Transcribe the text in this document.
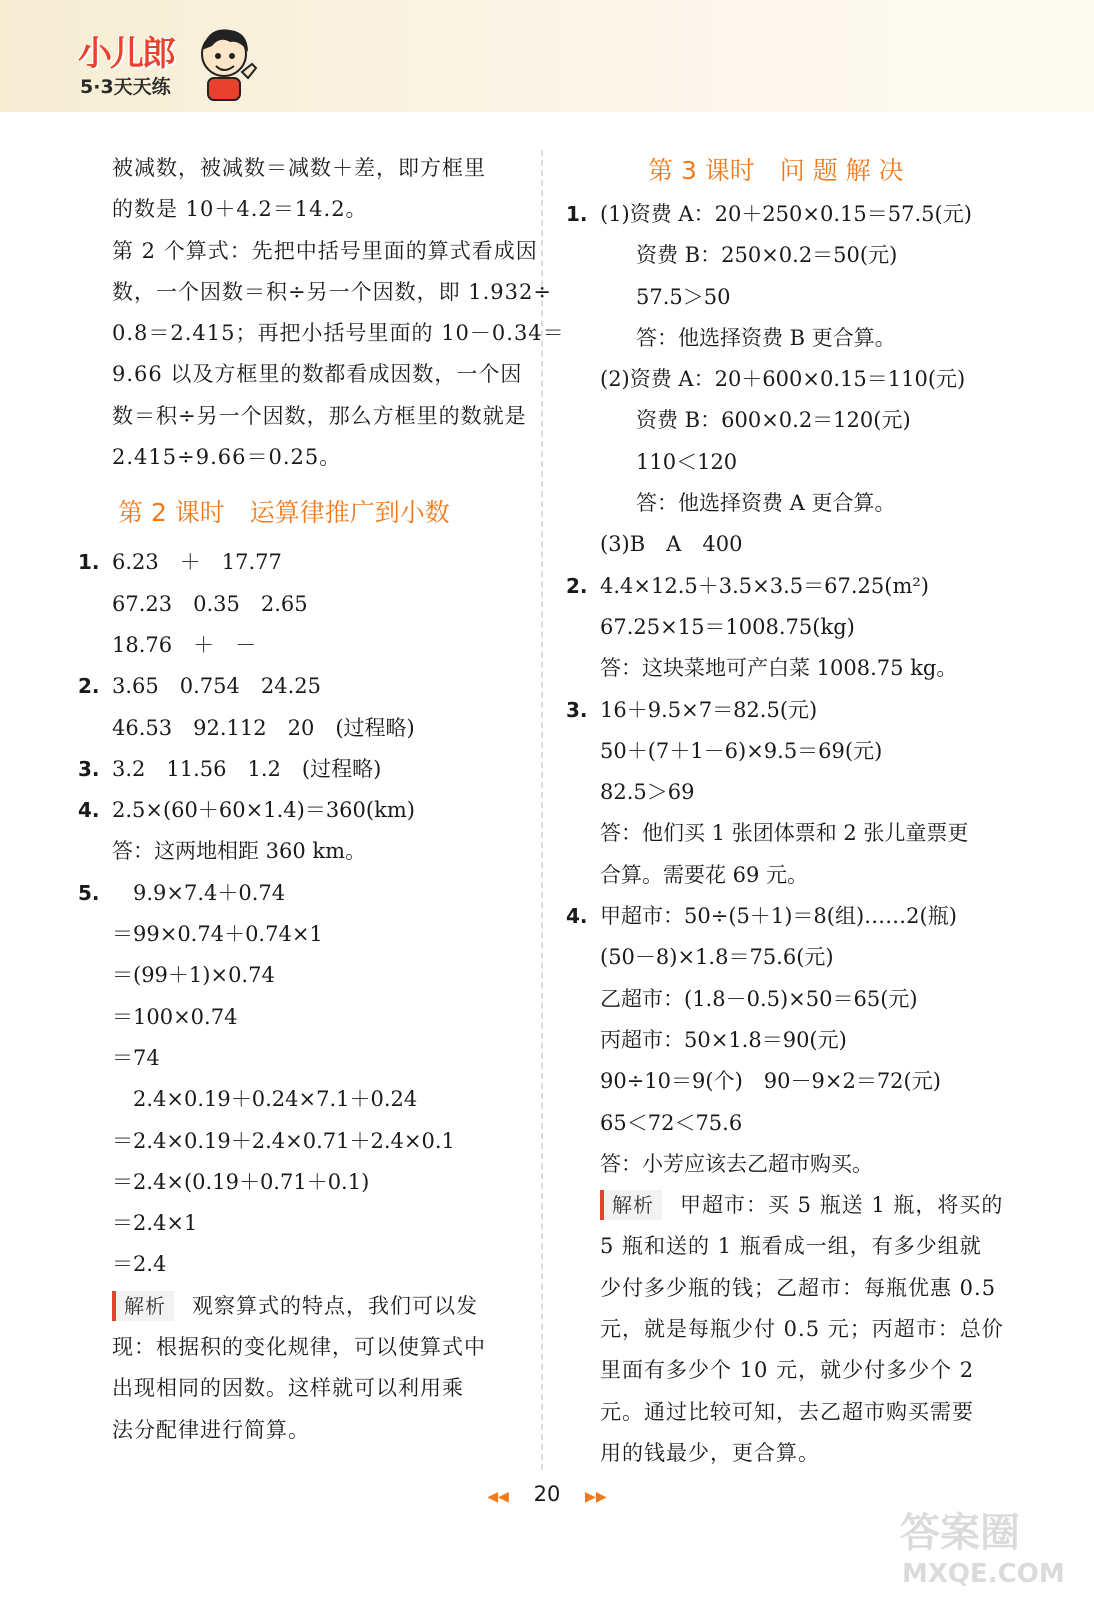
小儿郎
5·3天天练
被减数，被减数＝减数＋差，即方框里
的数是 10＋4.2＝14.2。
第 2 个算式：先把中括号里面的算式看成因
数，一个因数＝积÷另一个因数，即 1.932÷
0.8＝2.415；再把小括号里面的 10－0.34＝
9.66 以及方框里的数都看成因数，一个因
数＝积÷另一个因数，那么方框里的数就是
2.415÷9.66＝0.25。
第 2 课时　运算律推广到小数
1. 6.23　＋　17.77
67.23　0.35　2.65
18.76　＋　－
2. 3.65　0.754　24.25
46.53　92.112　20　(过程略)
3. 3.2　11.56　1.2　(过程略)
4. 2.5×(60＋60×1.4)＝360(km)
答：这两地相距 360 km。
5. 　9.9×7.4＋0.74
＝99×0.74＋0.74×1
＝(99＋1)×0.74
＝100×0.74
＝74
　2.4×0.19＋0.24×7.1＋0.24
＝2.4×0.19＋2.4×0.71＋2.4×0.1
＝2.4×(0.19＋0.71＋0.1)
＝2.4×1
＝2.4
解析 观察算式的特点，我们可以发
现：根据积的变化规律，可以使算式中
出现相同的因数。这样就可以利用乘
法分配律进行简算。
第 3 课时　问 题 解 决
1. (1)资费 A：20＋250×0.15＝57.5(元)
资费 B：250×0.2＝50(元)
57.5＞50
答：他选择资费 B 更合算。
(2)资费 A：20＋600×0.15＝110(元)
资费 B：600×0.2＝120(元)
110＜120
答：他选择资费 A 更合算。
(3)B　A　400
2. 4.4×12.5＋3.5×3.5＝67.25(m²)
67.25×15＝1008.75(kg)
答：这块菜地可产白菜 1008.75 kg。
3. 16＋9.5×7＝82.5(元)
50＋(7＋1－6)×9.5＝69(元)
82.5＞69
答：他们买 1 张团体票和 2 张儿童票更
合算。需要花 69 元。
4. 甲超市：50÷(5＋1)＝8(组)……2(瓶)
(50－8)×1.8＝75.6(元)
乙超市：(1.8－0.5)×50＝65(元)
丙超市：50×1.8＝90(元)
90÷10＝9(个)　90－9×2＝72(元)
65＜72＜75.6
答：小芳应该去乙超市购买。
解析 甲超市：买 5 瓶送 1 瓶，将买的
5 瓶和送的 1 瓶看成一组，有多少组就
少付多少瓶的钱；乙超市：每瓶优惠 0.5
元，就是每瓶少付 0.5 元；丙超市：总价
里面有多少个 10 元，就少付多少个 2
元。通过比较可知，去乙超市购买需要
用的钱最少，更合算。
◀◀ 20 ▶▶
答案圈
MXQE.COM
